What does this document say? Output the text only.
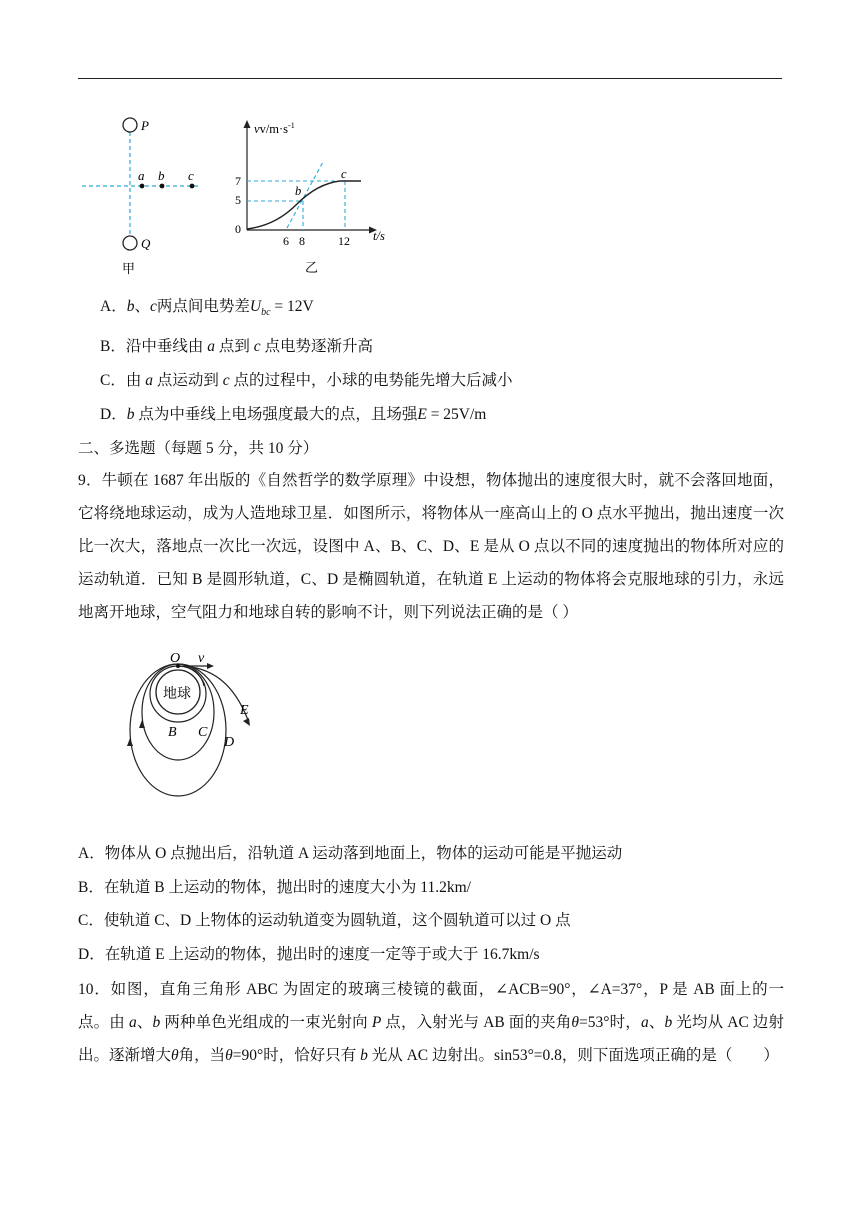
P
Q
a b c
甲
$vv/m\cdot s^{-1}$
t/s
7
5
0
6 8	12
b
c
乙
A．b、c两点间电势差$U_{bc} = 12V$
B．沿中垂线由 a 点到 c 点电势逐渐升高
C．由 a 点运动到 c 点的过程中，小球的电势能先增大后减小
D．b 点为中垂线上电场强度最大的点，且场强E = 25V/m
二、多选题（每题 5 分，共 10 分）
9．牛顿在 1687 年出版的《自然哲学的数学原理》中设想，物体抛出的速度很大时，就不会落回地面，它将绕地球运动，成为人造地球卫星．如图所示，将物体从一座高山上的 O 点水平抛出，抛出速度一次比一次大，落地点一次比一次远，设图中 A、B、C、D、E 是从 O 点以不同的速度抛出的物体所对应的运动轨道．已知 B 是圆形轨道，C、D 是椭圆轨道，在轨道 E 上运动的物体将会克服地球的引力，永远地离开地球，空气阻力和地球自转的影响不计，则下列说法正确的是（ ）
地球
O v
B C
D
E
A．物体从 O 点抛出后，沿轨道 A 运动落到地面上，物体的运动可能是平抛运动
B．在轨道 B 上运动的物体，抛出时的速度大小为 11.2km/
C．使轨道 C、D 上物体的运动轨道变为圆轨道，这个圆轨道可以过 O 点
D．在轨道 E 上运动的物体，抛出时的速度一定等于或大于 16.7km/s
10．如图，直角三角形 ABC 为固定的玻璃三棱镜的截面，∠ACB=90°，∠A=37°，P 是 AB 面上的一点。由 a、b 两种单色光组成的一束光射向 P 点，入射光与 AB 面的夹角θ=53°时，a、b 光均从 AC 边射出。逐渐增大θ角，当θ=90°时，恰好只有 b 光从 AC 边射出。sin53°=0.8，则下面选项正确的是（　　）
